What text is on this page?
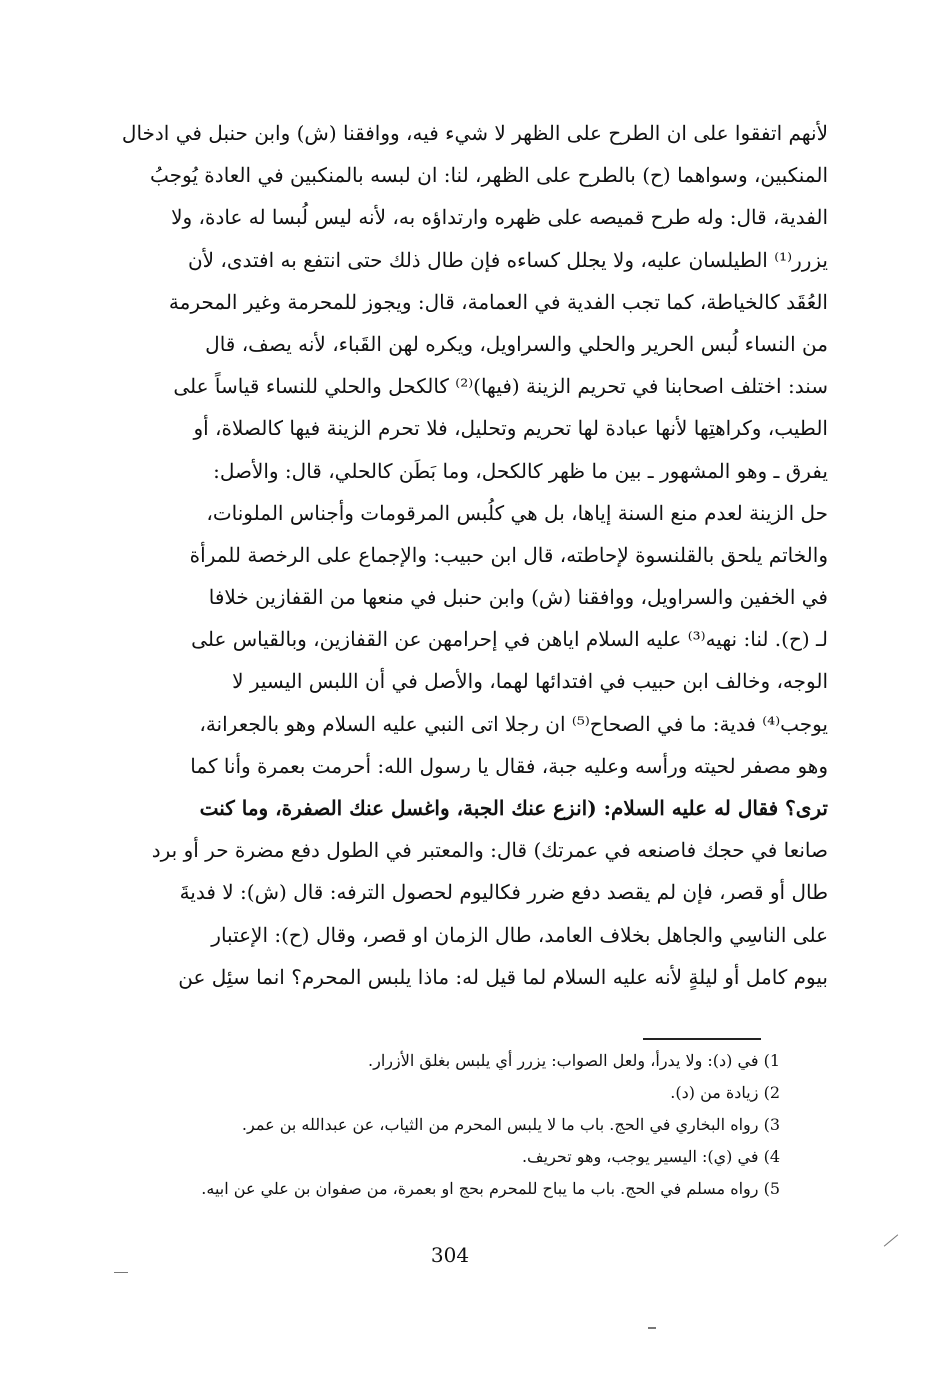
لأنهم اتفقوا على ان الطرح على الظهر لا شيء فيه، ووافقنا (ش) وابن حنبل في ادخال
المنكبين، وسواهما (ح) بالطرح على الظهر، لنا: ان لبسه بالمنكبين في العادة يُوجبُ
الفدية، قال: وله طرح قميصه على ظهره وارتداؤه به، لأنه ليس لُبسا له عادة، ولا
يزرر⁽¹⁾ الطيلسان عليه، ولا يجلل كساءه فإن طال ذلك حتى انتفع به افتدى، لأن
العُقَد كالخياطة، كما تجب الفدية في العمامة، قال: ويجوز للمحرمة وغير المحرمة
من النساء لُبس الحرير والحلي والسراويل، ويكره لهن القَباء، لأنه يصف، قال
سند: اختلف اصحابنا في تحريم الزينة (فيها)⁽²⁾ كالكحل والحلي للنساء قياساً على
الطيب، وكراهتِها لأنها عبادة لها تحريم وتحليل، فلا تحرم الزينة فيها كالصلاة، أو
يفرق ـ وهو المشهور ـ بين ما ظهر كالكحل، وما بَطَن كالحلي، قال: والأصل:
حل الزينة لعدم منع السنة إياها، بل هي كلُبس المرقومات وأجناس الملونات،
والخاتم يلحق بالقلنسوة لإحاطته، قال ابن حبيب: والإجماع على الرخصة للمرأة
في الخفين والسراويل، ووافقنا (ش) وابن حنبل في منعها من القفازين خلافا
لـ (ح). لنا: نهيه⁽³⁾ عليه السلام اياهن في إحرامهن عن القفازين، وبالقياس على
الوجه، وخالف ابن حبيب في افتدائها لهما، والأصل في أن اللبس اليسير لا
يوجب⁽⁴⁾ فدية: ما في الصحاح⁽⁵⁾ ان رجلا اتى النبي عليه السلام وهو بالجعرانة،
وهو مصفر لحيته ورأسه وعليه جبة، فقال يا رسول الله: أحرمت بعمرة وأنا كما
ترى؟ فقال له عليه السلام: (انزع عنك الجبة، واغسل عنك الصفرة، وما كنت
صانعا في حجك فاصنعه في عمرتك) قال: والمعتبر في الطول دفع مضرة حر أو برد
طال أو قصر، فإن لم يقصد دفع ضرر فكاليوم لحصول الترفه: قال (ش): لا فديةَ
على الناسِي والجاهل بخلاف العامد، طال الزمان او قصر، وقال (ح): الإعتبار
بيوم كامل أو ليلةٍ لأنه عليه السلام لما قيل له: ماذا يلبس المحرم؟ انما سئِل عن
1) في (د): ولا يدرأ، ولعل الصواب: يزرر أي يلبس بغلق الأزرار.
2) زيادة من (د).
3) رواه البخاري في الحج. باب ما لا يلبس المحرم من الثياب، عن عبدالله بن عمر.
4) في (ي): اليسير يوجب، وهو تحريف.
5) رواه مسلم في الحج. باب ما يباح للمحرم بحج او بعمرة، من صفوان بن علي عن ابيه.
304
